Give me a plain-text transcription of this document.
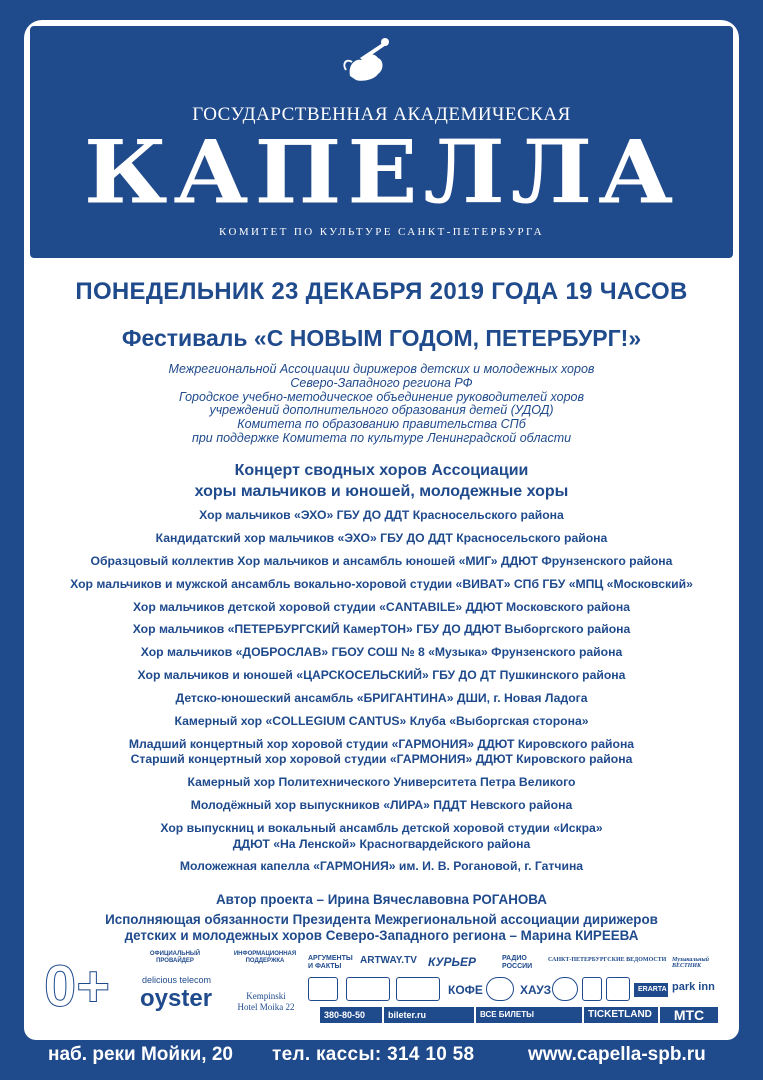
ГОСУДАРСТВЕННАЯ АКАДЕМИЧЕСКАЯ
КАПЕЛЛА
КОМИТЕТ ПО КУЛЬТУРЕ САНКТ-ПЕТЕРБУРГА
ПОНЕДЕЛЬНИК 23 ДЕКАБРЯ 2019 ГОДА 19 ЧАСОВ
Фестиваль «С НОВЫМ ГОДОМ, ПЕТЕРБУРГ!»
Межрегиональной Ассоциации дирижеров детских и молодежных хоров
Северо-Западного региона РФ
Городское учебно-методическое объединение руководителей хоров
учреждений дополнительного образования детей (УДОД)
Комитета по образованию правительства СПб
при поддержке Комитета по культуре Ленинградской области
Концерт сводных хоров Ассоциации
хоры мальчиков и юношей, молодежные хоры
Хор мальчиков «ЭХО» ГБУ ДО ДДТ Красносельского района
Кандидатский хор мальчиков «ЭХО» ГБУ ДО ДДТ Красносельского района
Образцовый коллектив Хор мальчиков и ансамбль юношей «МИГ» ДДЮТ Фрунзенского района
Хор мальчиков и мужской ансамбль вокально-хоровой студии «ВИВАТ» СПб ГБУ «МПЦ «Московский»
Хор мальчиков детской хоровой студии «CANTABILE» ДДЮТ Московского района
Хор мальчиков «ПЕТЕРБУРГСКИЙ КамерТОН» ГБУ ДО ДДЮТ Выборгского района
Хор мальчиков «ДОБРОСЛАВ» ГБОУ СОШ № 8 «Музыка» Фрунзенского района
Хор мальчиков и юношей «ЦАРСКОСЕЛЬСКИЙ» ГБУ ДО ДТ Пушкинского района
Детско-юношеский ансамбль «БРИГАНТИНА» ДШИ, г. Новая Ладога
Камерный хор «COLLEGIUM CANTUS» Клуба «Выборгская сторона»
Младший концертный хор хоровой студии «ГАРМОНИЯ» ДДЮТ Кировского района
Старший концертный хор хоровой студии «ГАРМОНИЯ» ДДЮТ Кировского района
Камерный хор Политехнического Университета Петра Великого
Молодёжный хор выпускников «ЛИРА» ПДДТ Невского района
Хор выпускниц и вокальный ансамбль детской хоровой студии «Искра»
ДДЮТ «На Ленской» Красногвардейского района
Моложежная капелла «ГАРМОНИЯ» им. И. В. Рогановой, г. Гатчина
Автор проекта – Ирина Вячеславовна РОГАНОВА
Исполняющая обязанности Президента Межрегиональной ассоциации дирижеров
детских и молодежных хоров Северо-Западного региона – Марина КИРЕЕВА
0+	ОФИЦИАЛЬНЫЙ ПРОВАЙДЕР
delicious telecom
oyster
ИНФОРМАЦИОННАЯ ПОДДЕРЖКА
Kempinski Hotel Moika 22
АРГУМЕНТЫ И ФАКТЫ
ARTWAY.TV КУРЬЕР	РАДИО РОССИИ
САНКТ-ПЕТЕРБУРГСКИЕ ВЕДОМОСТИ Музыкальный ВЕСТНИК
КОФЕ	ХАУЗ	ERARTA park inn
380-80-50	bileter.ru	ВСЕ БИЛЕТЫ KASSIR.RU
TICKETLAND	МТС
наб. реки Мойки, 20 тел. кассы: 314 10 58	www.capella-spb.ru
